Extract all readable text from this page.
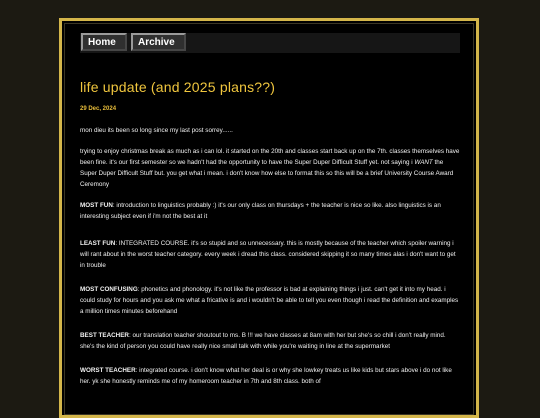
Home	Archive
life update (and 2025 plans??)
29 Dec, 2024

mon dieu its been so long since my last post sorrey......

trying to enjoy christmas break as much as i can lol. it started on the 20th and classes start back up on the 7th. classes themselves have been fine. it's our first semester so we hadn't had the opportunity to have the Super Duper Difficult Stuff yet. not saying i WANT the Super Duper Difficult Stuff but. you get what i mean. i don't know how else to format this so this will be a brief University Course Award Ceremony

MOST FUN: introduction to linguistics probably :) it's our only class on thursdays + the teacher is nice so like. also linguistics is an interesting subject even if i'm not the best at it

LEAST FUN: INTEGRATED COURSE. it's so stupid and so unnecessary. this is mostly because of the teacher which spoiler warning i will rant about in the worst teacher category. every week i dread this class. considered skipping it so many times alas i don't want to get in trouble

MOST CONFUSING: phonetics and phonology. it's not like the professor is bad at explaining things i just. can't get it into my head. i could study for hours and you ask me what a fricative is and i wouldn't be able to tell you even though i read the definition and examples a million times minutes beforehand

BEST TEACHER: our translation teacher shoutout to ms. B !!! we have classes at 8am with her but she's so chill i don't really mind. she's the kind of person you could have really nice small talk with while you're waiting in line at the supermarket

WORST TEACHER: integrated course. i don't know what her deal is or why she lowkey treats us like kids but stars above i do not like her. yk she honestly reminds me of my homeroom teacher in 7th and 8th class. both of
